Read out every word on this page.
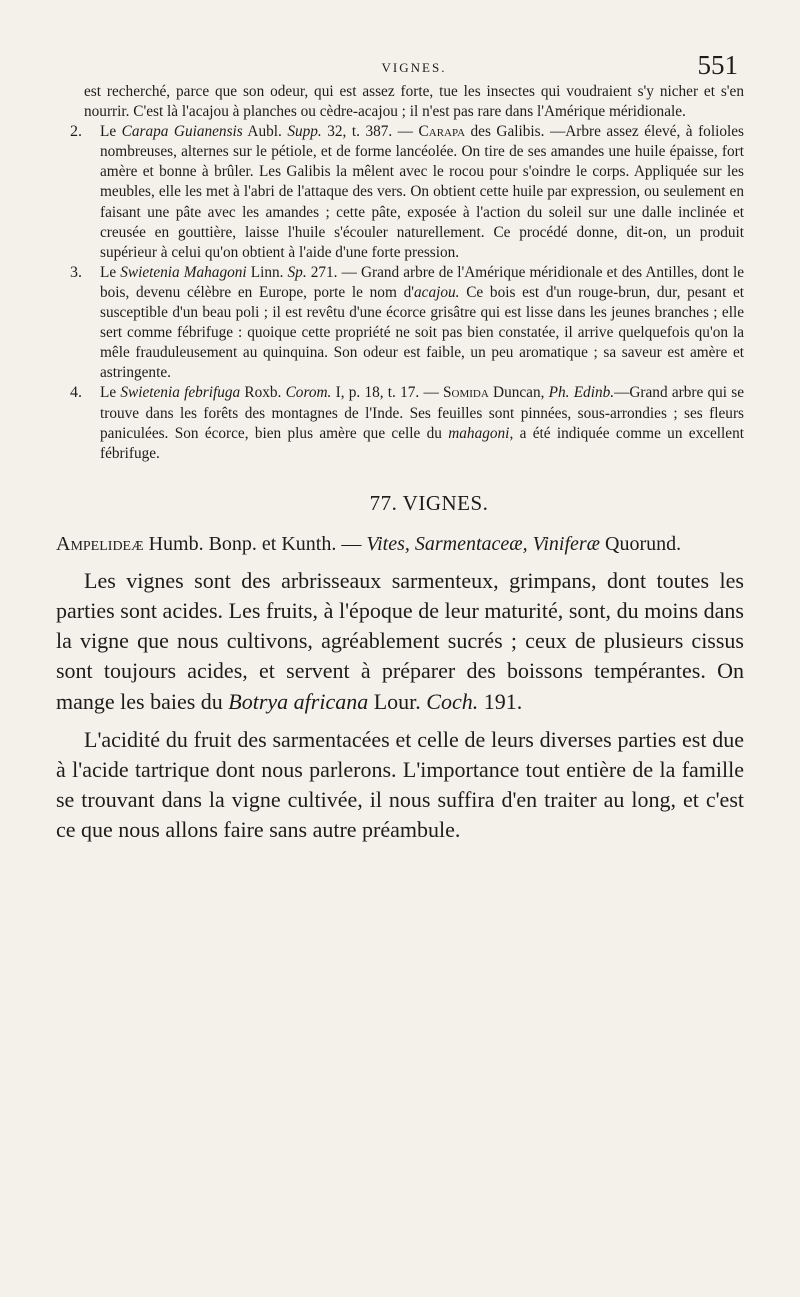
VIGNES.	551

est recherché, parce que son odeur, qui est assez forte, tue les insectes qui voudraient s'y nicher et s'en nourrir. C'est là l'acajou à planches ou cèdre-acajou ; il n'est pas rare dans l'Amérique méridionale.

2. Le Carapa Guianensis Aubl. Supp. 32, t. 387. — Carapa des Galibis. —Arbre assez élevé, à folioles nombreuses, alternes sur le pétiole, et de forme lancéolée. On tire de ses amandes une huile épaisse, fort amère et bonne à brûler. Les Galibis la mêlent avec le rocou pour s'oindre le corps. Appliquée sur les meubles, elle les met à l'abri de l'attaque des vers. On obtient cette huile par expression, ou seulement en faisant une pâte avec les amandes ; cette pâte, exposée à l'action du soleil sur une dalle inclinée et creusée en gouttière, laisse l'huile s'écouler naturellement. Ce procédé donne, dit-on, un produit supérieur à celui qu'on obtient à l'aide d'une forte pression.

3. Le Swietenia Mahagoni Linn. Sp. 271. — Grand arbre de l'Amérique méridionale et des Antilles, dont le bois, devenu célèbre en Europe, porte le nom d'acajou. Ce bois est d'un rouge-brun, dur, pesant et susceptible d'un beau poli ; il est revêtu d'une écorce grisâtre qui est lisse dans les jeunes branches ; elle sert comme fébrifuge : quoique cette propriété ne soit pas bien constatée, il arrive quelquefois qu'on la mêle frauduleusement au quinquina. Son odeur est faible, un peu aromatique ; sa saveur est amère et astringente.

4. Le Swietenia febrifuga Roxb. Corom. I, p. 18, t. 17. — Somida Duncan, Ph. Edinb.—Grand arbre qui se trouve dans les forêts des montagnes de l'Inde. Ses feuilles sont pinnées, sous-arrondies ; ses fleurs paniculées. Son écorce, bien plus amère que celle du mahagoni, a été indiquée comme un excellent fébrifuge.

77. VIGNES.
Ampelideæ Humb. Bonp. et Kunth. — Vites, Sarmentaceæ, Viniferæ Quorund.

Les vignes sont des arbrisseaux sarmenteux, grimpans, dont toutes les parties sont acides. Les fruits, à l'époque de leur maturité, sont, du moins dans la vigne que nous cultivons, agréablement sucrés ; ceux de plusieurs cissus sont toujours acides, et servent à préparer des boissons tempérantes. On mange les baies du Botrya africana Lour. Coch. 191.

L'acidité du fruit des sarmentacées et celle de leurs diverses parties est due à l'acide tartrique dont nous parlerons. L'importance tout entière de la famille se trouvant dans la vigne cultivée, il nous suffira d'en traiter au long, et c'est ce que nous allons faire sans autre préambule.
